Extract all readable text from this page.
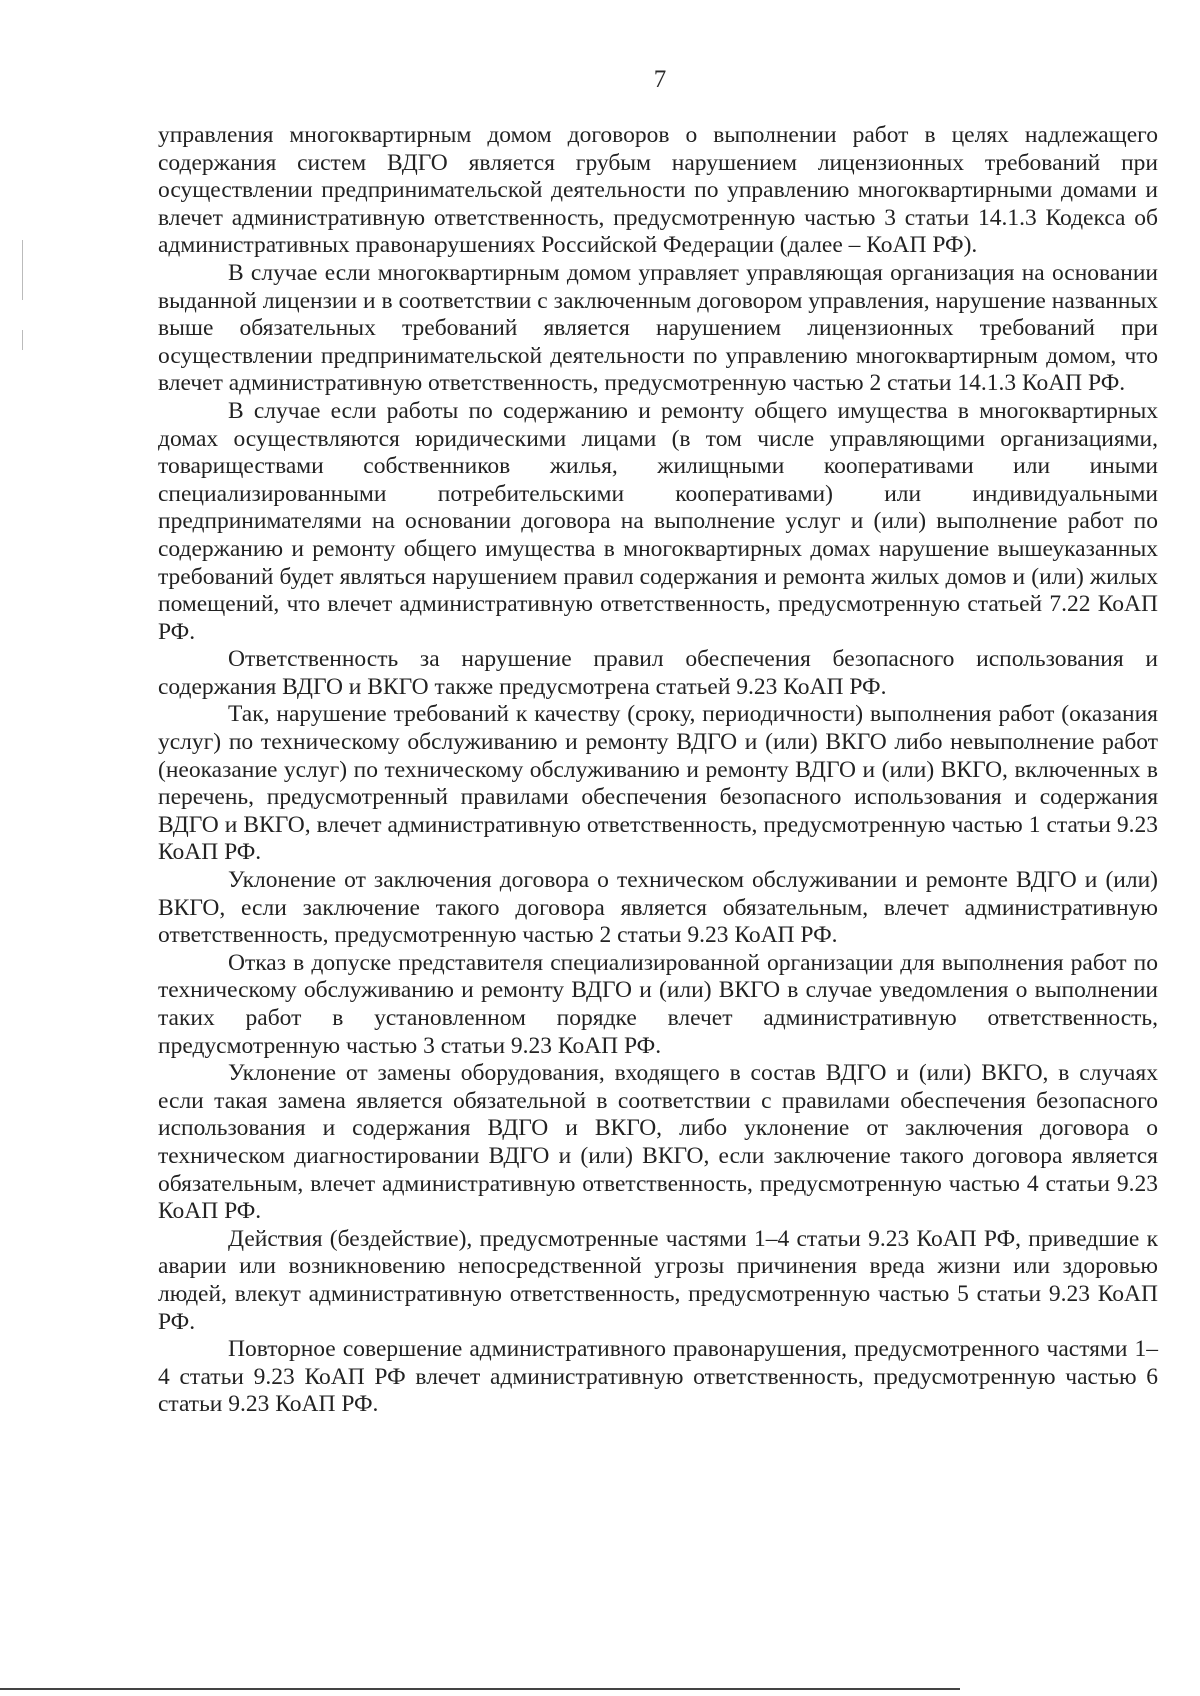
7

управления многоквартирным домом договоров о выполнении работ в целях надлежащего содержания систем ВДГО является грубым нарушением лицензионных требований при осуществлении предпринимательской деятельности по управлению многоквартирными домами и влечет административную ответственность, предусмотренную частью 3 статьи 14.1.3 Кодекса об административных правонарушениях Российской Федерации (далее – КоАП РФ).

В случае если многоквартирным домом управляет управляющая организация на основании выданной лицензии и в соответствии с заключенным договором управления, нарушение названных выше обязательных требований является нарушением лицензионных требований при осуществлении предпринимательской деятельности по управлению многоквартирным домом, что влечет административную ответственность, предусмотренную частью 2 статьи 14.1.3 КоАП РФ.

В случае если работы по содержанию и ремонту общего имущества в многоквартирных домах осуществляются юридическими лицами (в том числе управляющими организациями, товариществами собственников жилья, жилищными кооперативами или иными специализированными потребительскими кооперативами) или индивидуальными предпринимателями на основании договора на выполнение услуг и (или) выполнение работ по содержанию и ремонту общего имущества в многоквартирных домах нарушение вышеуказанных требований будет являться нарушением правил содержания и ремонта жилых домов и (или) жилых помещений, что влечет административную ответственность, предусмотренную статьей 7.22 КоАП РФ.

Ответственность за нарушение правил обеспечения безопасного использования и содержания ВДГО и ВКГО также предусмотрена статьей 9.23 КоАП РФ.

Так, нарушение требований к качеству (сроку, периодичности) выполнения работ (оказания услуг) по техническому обслуживанию и ремонту ВДГО и (или) ВКГО либо невыполнение работ (неоказание услуг) по техническому обслуживанию и ремонту ВДГО и (или) ВКГО, включенных в перечень, предусмотренный правилами обеспечения безопасного использования и содержания ВДГО и ВКГО, влечет административную ответственность, предусмотренную частью 1 статьи 9.23 КоАП РФ.

Уклонение от заключения договора о техническом обслуживании и ремонте ВДГО и (или) ВКГО, если заключение такого договора является обязательным, влечет административную ответственность, предусмотренную частью 2 статьи 9.23 КоАП РФ.

Отказ в допуске представителя специализированной организации для выполнения работ по техническому обслуживанию и ремонту ВДГО и (или) ВКГО в случае уведомления о выполнении таких работ в установленном порядке влечет административную ответственность, предусмотренную частью 3 статьи 9.23 КоАП РФ.

Уклонение от замены оборудования, входящего в состав ВДГО и (или) ВКГО, в случаях если такая замена является обязательной в соответствии с правилами обеспечения безопасного использования и содержания ВДГО и ВКГО, либо уклонение от заключения договора о техническом диагностировании ВДГО и (или) ВКГО, если заключение такого договора является обязательным, влечет административную ответственность, предусмотренную частью 4 статьи 9.23 КоАП РФ.

Действия (бездействие), предусмотренные частями 1–4 статьи 9.23 КоАП РФ, приведшие к аварии или возникновению непосредственной угрозы причинения вреда жизни или здоровью людей, влекут административную ответственность, предусмотренную частью 5 статьи 9.23 КоАП РФ.

Повторное совершение административного правонарушения, предусмотренного частями 1–4 статьи 9.23 КоАП РФ влечет административную ответственность, предусмотренную частью 6 статьи 9.23 КоАП РФ.
